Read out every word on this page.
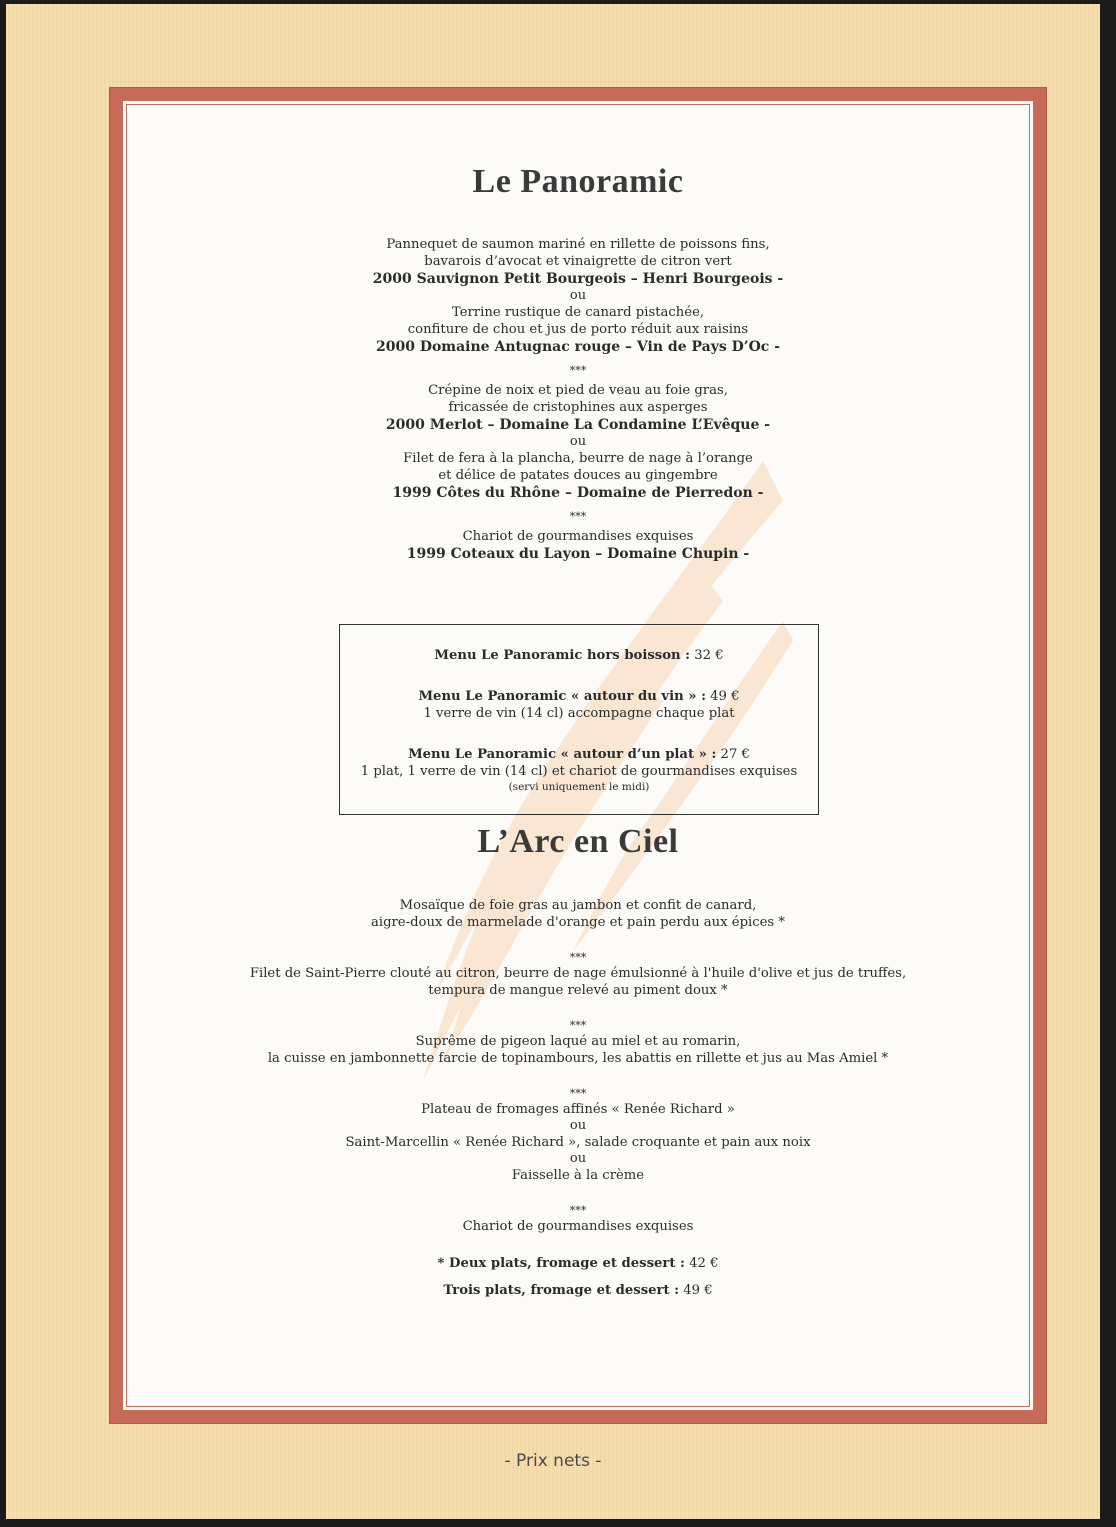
Le Panoramic

Pannequet de saumon mariné en rillette de poissons fins,

bavarois d’avocat et vinaigrette de citron vert

2000 Sauvignon Petit Bourgeois – Henri Bourgeois -

ou

Terrine rustique de canard pistachée,

confiture de chou et jus de porto réduit aux raisins

2000 Domaine Antugnac rouge – Vin de Pays D’Oc -

***

Crépine de noix et pied de veau au foie gras,

fricassée de cristophines aux asperges

2000 Merlot – Domaine La Condamine L’Evêque -

ou

Filet de fera à la plancha, beurre de nage à l’orange

et délice de patates douces au gingembre

1999 Côtes du Rhône – Domaine de Pierredon -

***

Chariot de gourmandises exquises

1999 Coteaux du Layon – Domaine Chupin -

Menu Le Panoramic hors boisson : 32 €

Menu Le Panoramic « autour du vin » : 49 €

1 verre de vin (14 cl) accompagne chaque plat

Menu Le Panoramic « autour d’un plat » : 27 €

1 plat, 1 verre de vin (14 cl) et chariot de gourmandises exquises

(servi uniquement le midi)

L’Arc en Ciel

Mosaïque de foie gras au jambon et confit de canard,

aigre-doux de marmelade d'orange et pain perdu aux épices *

***

Filet de Saint-Pierre clouté au citron, beurre de nage émulsionné à l'huile d'olive et jus de truffes,

tempura de mangue relevé au piment doux *

***

Suprême de pigeon laqué au miel et au romarin,

la cuisse en jambonnette farcie de topinambours, les abattis en rillette et jus au Mas Amiel *

***

Plateau de fromages affinés « Renée Richard »

ou

Saint-Marcellin « Renée Richard », salade croquante et pain aux noix

ou

Faisselle à la crème

***

Chariot de gourmandises exquises

* Deux plats, fromage et dessert : 42 €

Trois plats, fromage et dessert : 49 €

- Prix nets -
